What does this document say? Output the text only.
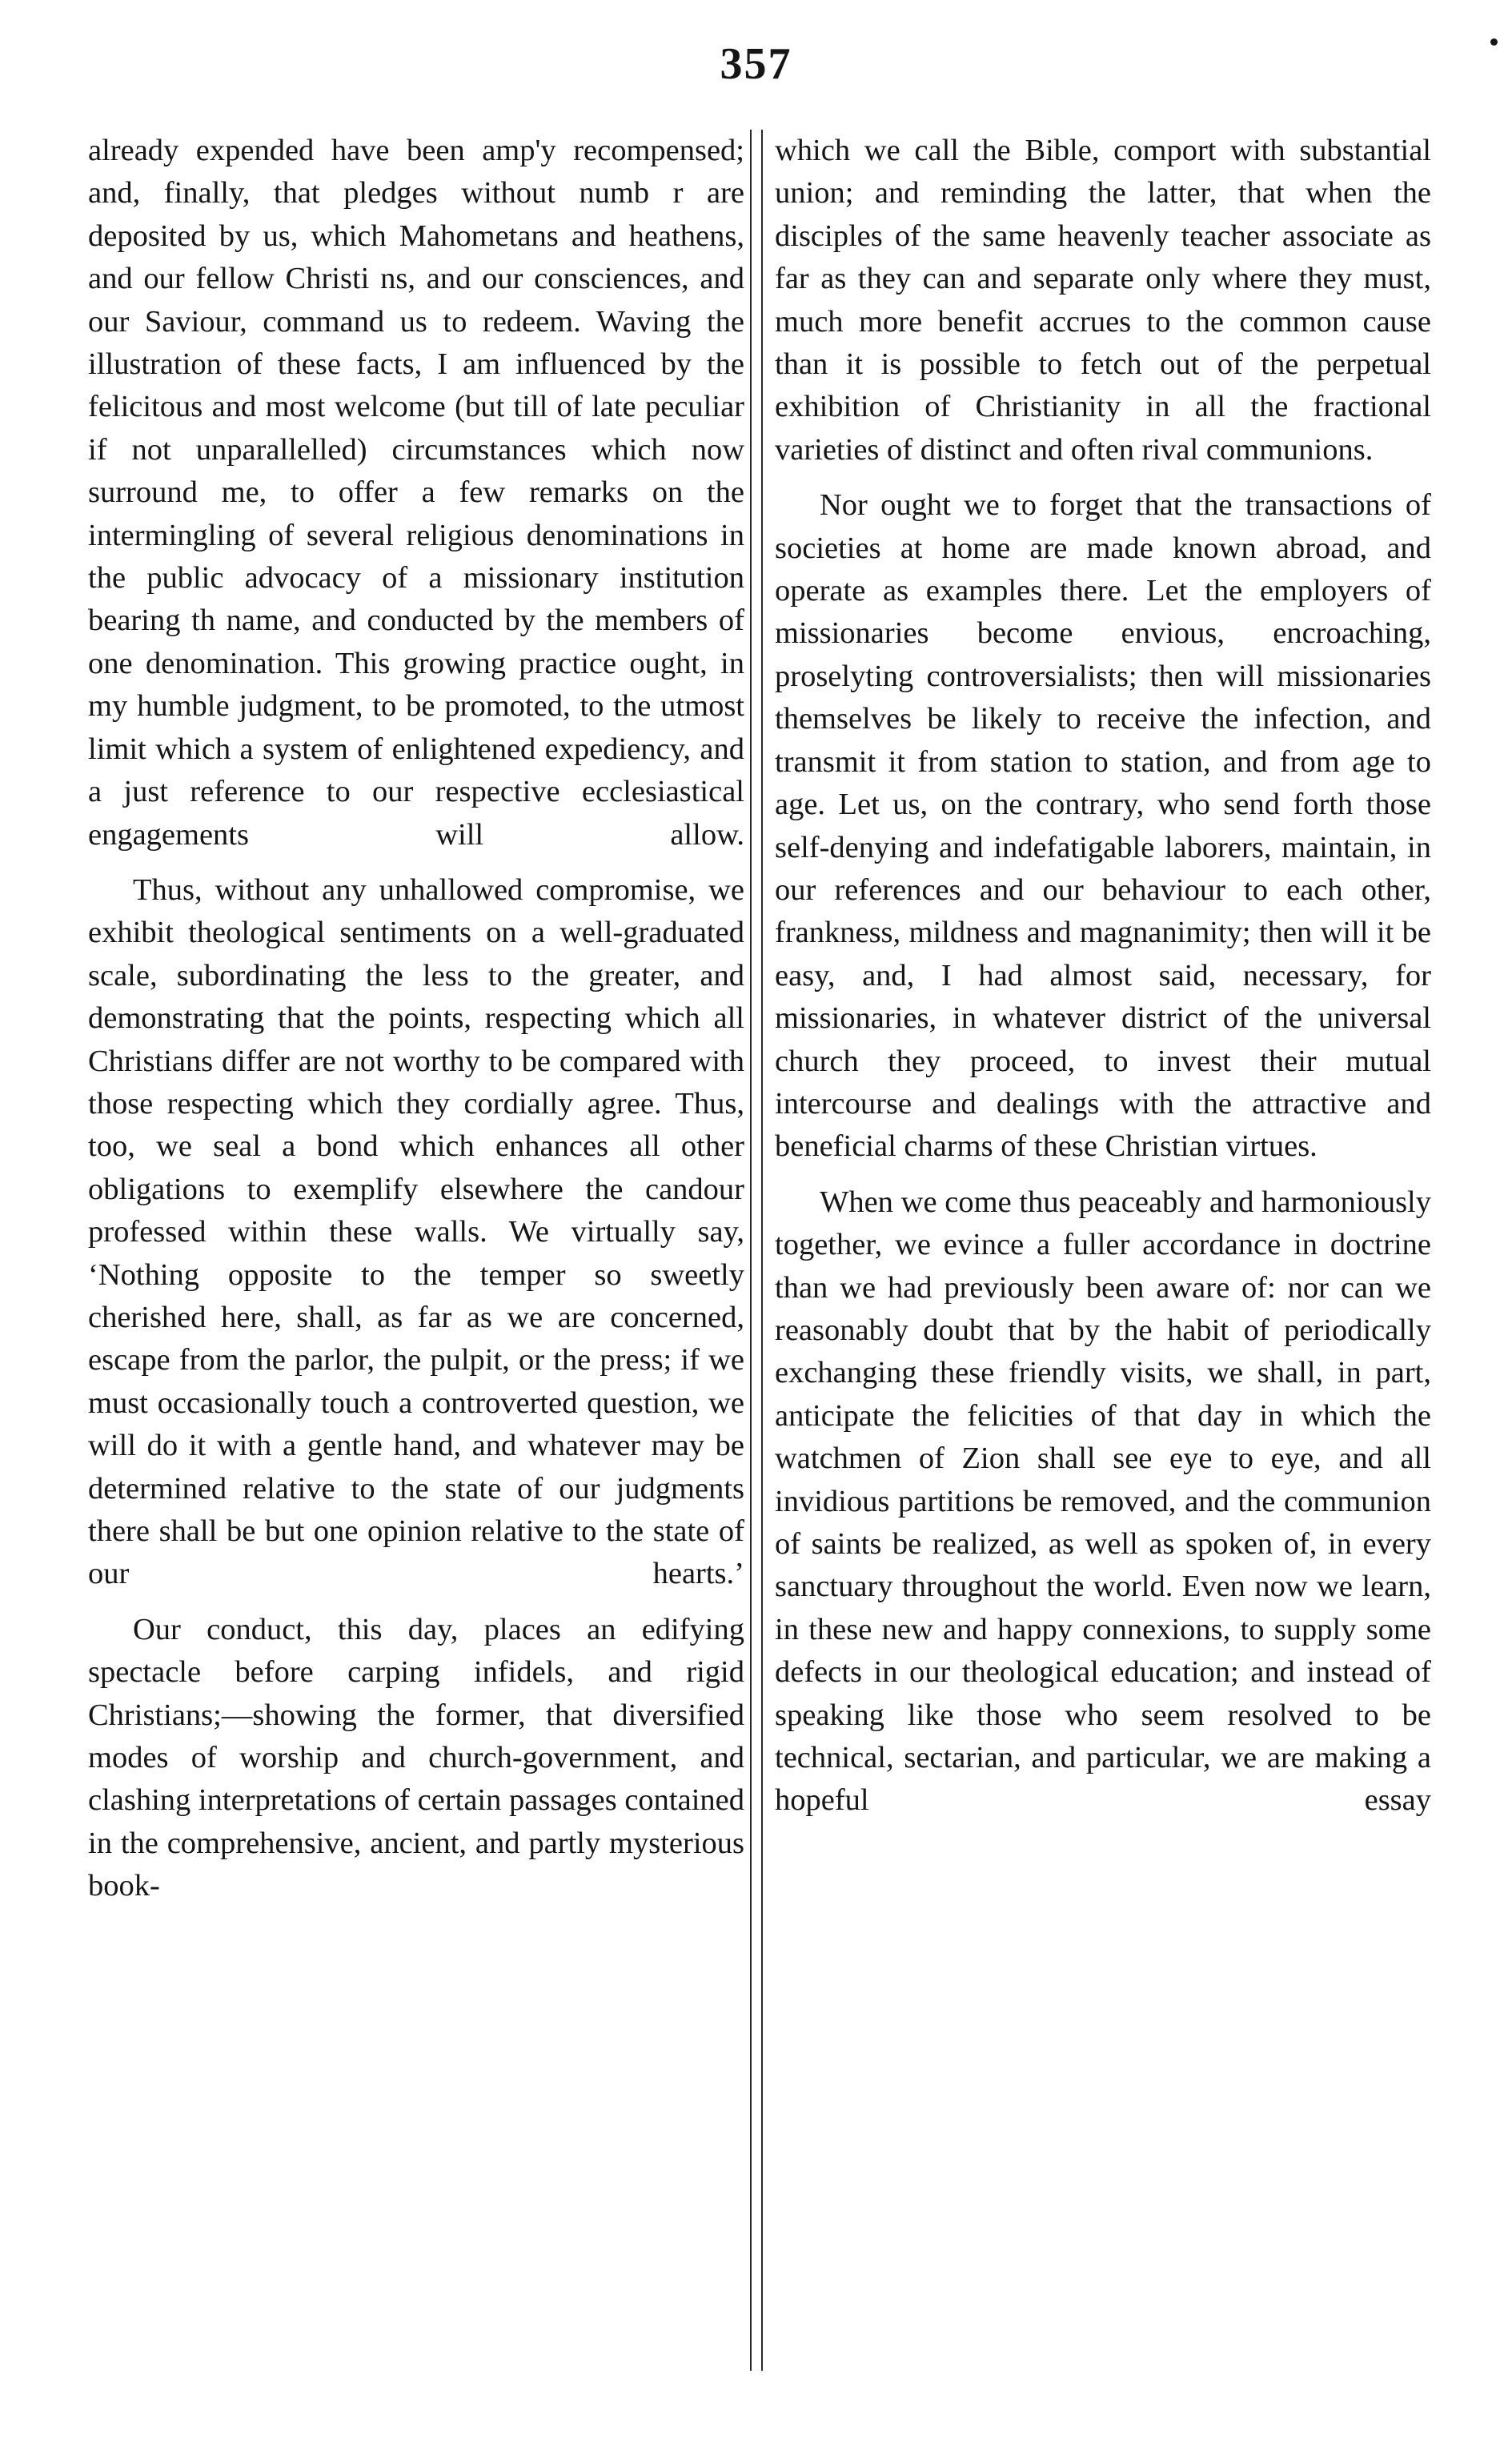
357

already expended have been amp'y recompensed; and, finally, that pledges without numb r are deposited by us, which Mahometans and heathens, and our fellow Christi ns, and our consciences, and our Saviour, command us to redeem. Waving the illustration of these facts, I am influenced by the felicitous and most welcome (but till of late peculiar if not unparallelled) circumstances which now surround me, to offer a few remarks on the intermingling of several religious denominations in the public advocacy of a missionary institution bearing th name, and conducted by the members of one denomination. This growing practice ought, in my humble judgment, to be promoted, to the utmost limit which a system of enlightened expediency, and a just reference to our respective ecclesiastical engagements will allow.

Thus, without any unhallowed compromise, we exhibit theological sentiments on a well-graduated scale, subordinating the less to the greater, and demonstrating that the points, respecting which all Christians differ are not worthy to be compared with those respecting which they cordially agree. Thus, too, we seal a bond which enhances all other obligations to exemplify elsewhere the candour professed within these walls. We virtually say, ‘Nothing opposite to the temper so sweetly cherished here, shall, as far as we are concerned, escape from the parlor, the pulpit, or the press; if we must occasionally touch a controverted question, we will do it with a gentle hand, and whatever may be determined relative to the state of our judgments there shall be but one opinion relative to the state of our hearts.’

Our conduct, this day, places an edifying spectacle before carping infidels, and rigid Christians;—showing the former, that diversified modes of worship and church-government, and clashing interpretations of certain passages contained in the comprehensive, ancient, and partly mysterious book-

which we call the Bible, comport with substantial union; and reminding the latter, that when the disciples of the same heavenly teacher associate as far as they can and separate only where they must, much more benefit accrues to the common cause than it is possible to fetch out of the perpetual exhibition of Christianity in all the fractional varieties of distinct and often rival communions.

Nor ought we to forget that the transactions of societies at home are made known abroad, and operate as examples there. Let the employers of missionaries become envious, encroaching, proselyting controversialists; then will missionaries themselves be likely to receive the infection, and transmit it from station to station, and from age to age. Let us, on the contrary, who send forth those self-denying and indefatigable laborers, maintain, in our references and our behaviour to each other, frankness, mildness and magnanimity; then will it be easy, and, I had almost said, necessary, for missionaries, in whatever district of the universal church they proceed, to invest their mutual intercourse and dealings with the attractive and beneficial charms of these Christian virtues.

When we come thus peaceably and harmoniously together, we evince a fuller accordance in doctrine than we had previously been aware of: nor can we reasonably doubt that by the habit of periodically exchanging these friendly visits, we shall, in part, anticipate the felicities of that day in which the watchmen of Zion shall see eye to eye, and all invidious partitions be removed, and the communion of saints be realized, as well as spoken of, in every sanctuary throughout the world. Even now we learn, in these new and happy connexions, to supply some defects in our theological education; and instead of speaking like those who seem resolved to be technical, sectarian, and particular, we are making a hopeful essay
